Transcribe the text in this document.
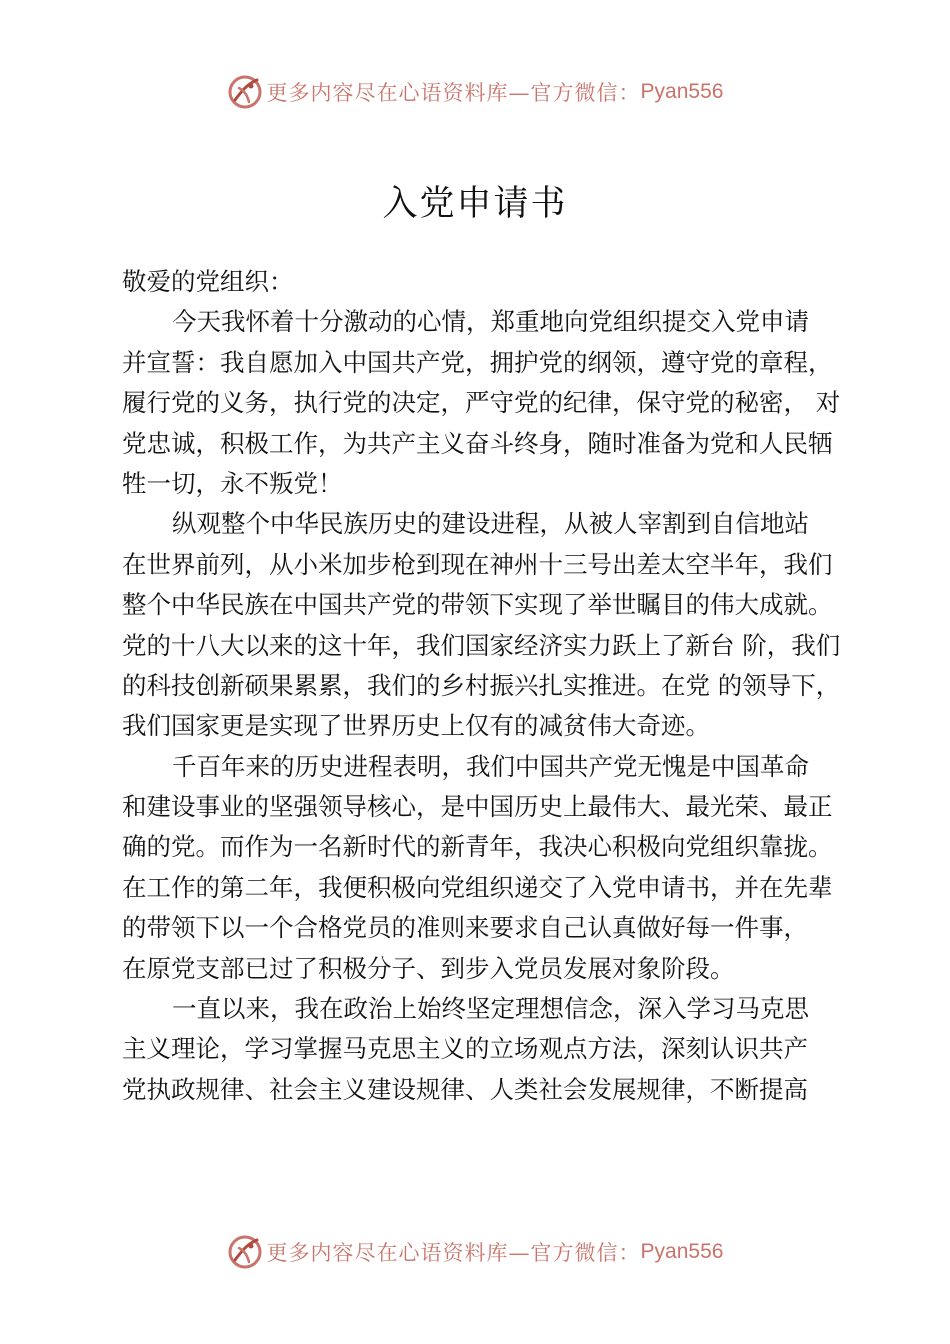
更多内容尽在心语资料库—官方微信： Pyan556
入党申请书
敬爱的党组织：
今天我怀着十分激动的心情，郑重地向党组织提交入党申请
并宣誓：我自愿加入中国共产党，拥护党的纲领，遵守党的章程，
履行党的义务，执行党的决定，严守党的纪律，保守党的秘密， 对
党忠诚，积极工作，为共产主义奋斗终身，随时准备为党和人民牺
牲一切，永不叛党！
纵观整个中华民族历史的建设进程，从被人宰割到自信地站
在世界前列，从小米加步枪到现在神州十三号出差太空半年，我们
整个中华民族在中国共产党的带领下实现了举世瞩目的伟大成就。
党的十八大以来的这十年，我们国家经济实力跃上了新台 阶，我们
的科技创新硕果累累，我们的乡村振兴扎实推进。在党 的领导下，
我们国家更是实现了世界历史上仅有的减贫伟大奇迹。
千百年来的历史进程表明，我们中国共产党无愧是中国革命
和建设事业的坚强领导核心，是中国历史上最伟大、最光荣、最正
确的党。而作为一名新时代的新青年，我决心积极向党组织靠拢。
在工作的第二年，我便积极向党组织递交了入党申请书，并在先辈
的带领下以一个合格党员的准则来要求自己认真做好每一件事，
在原党支部已过了积极分子、到步入党员发展对象阶段。
一直以来，我在政治上始终坚定理想信念，深入学习马克思
主义理论，学习掌握马克思主义的立场观点方法，深刻认识共产
党执政规律、社会主义建设规律、人类社会发展规律，不断提高
更多内容尽在心语资料库—官方微信： Pyan556
